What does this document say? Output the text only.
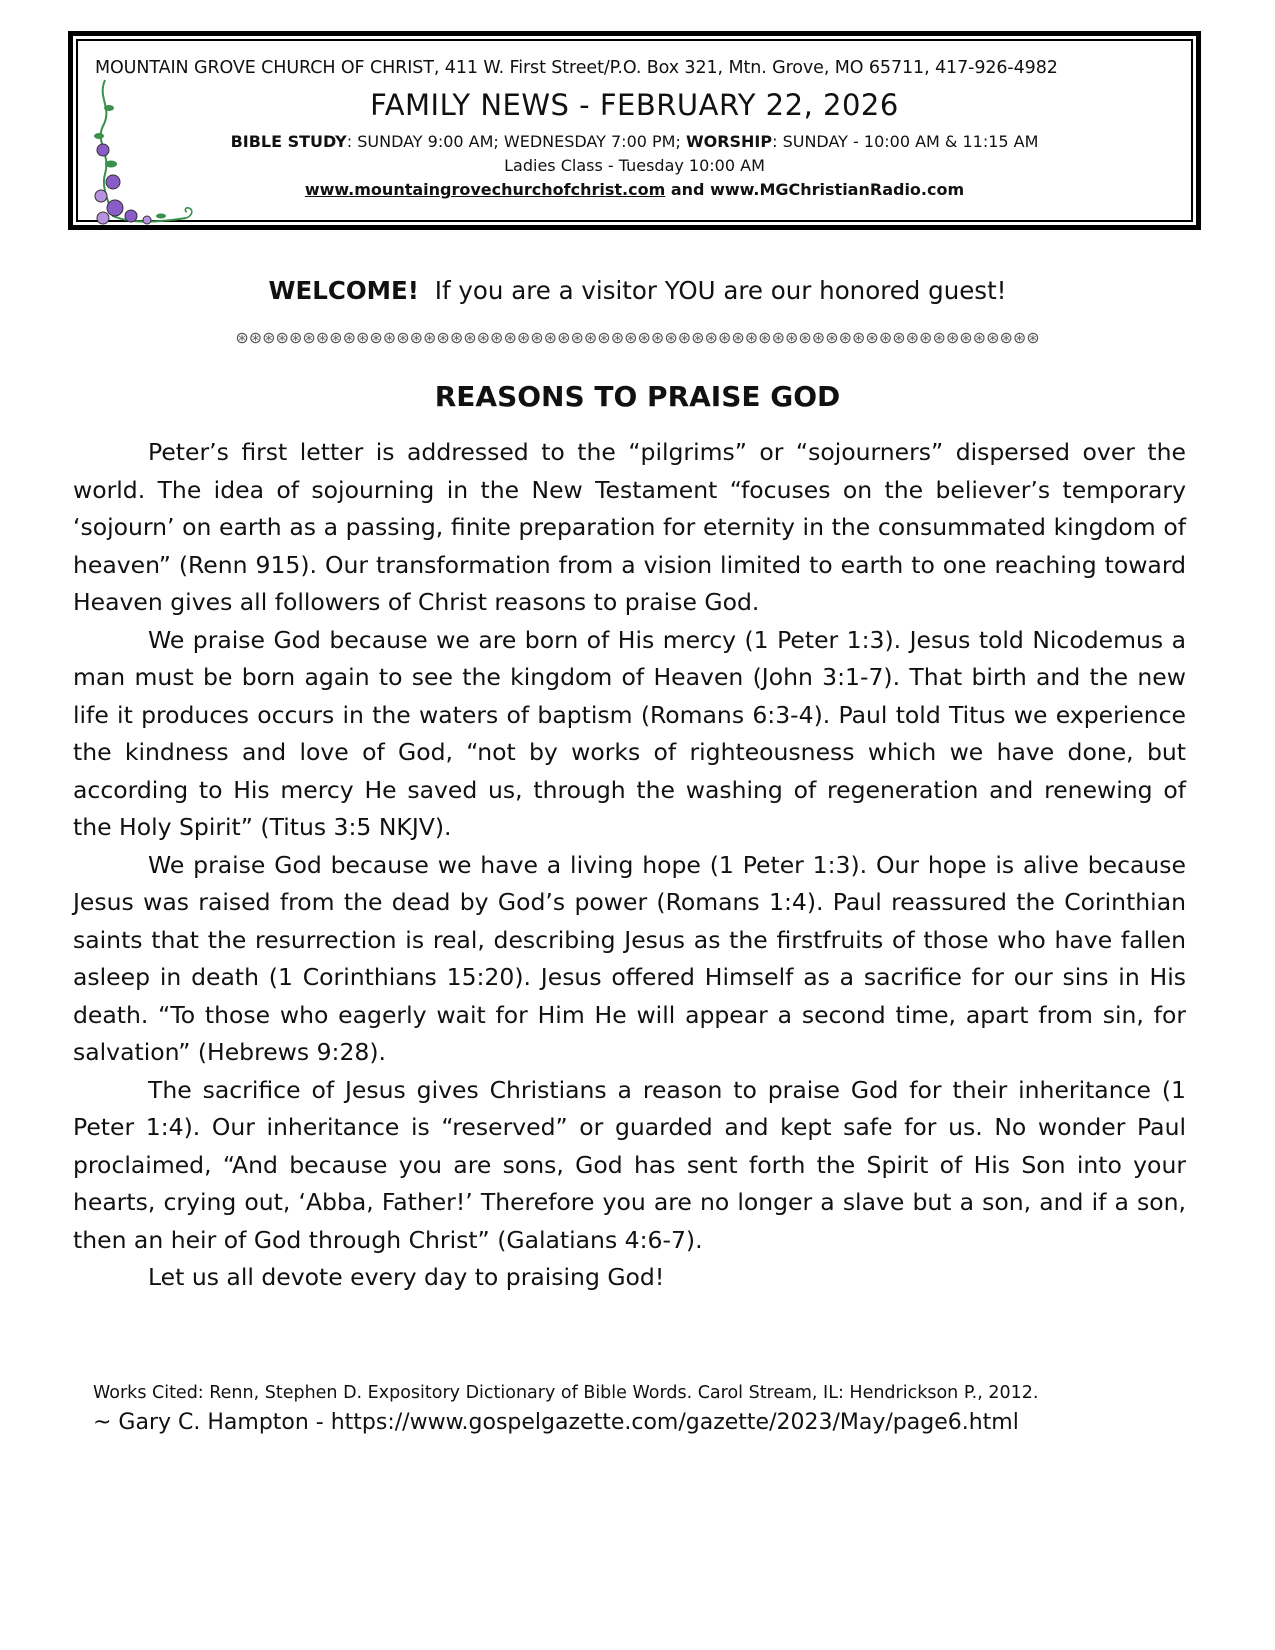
MOUNTAIN GROVE CHURCH OF CHRIST, 411 W. First Street/P.O. Box 321, Mtn. Grove, MO 65711, 417-926-4982
FAMILY NEWS - FEBRUARY 22, 2026
BIBLE STUDY: SUNDAY 9:00 AM; WEDNESDAY 7:00 PM; WORSHIP: SUNDAY - 10:00 AM & 11:15 AM
Ladies Class - Tuesday 10:00 AM
www.mountaingrovechurchofchrist.com and www.MGChristianRadio.com
WELCOME! If you are a visitor YOU are our honored guest!
⊛⊛⊛⊛⊛⊛⊛⊛⊛⊛⊛⊛⊛⊛⊛⊛⊛⊛⊛⊛⊛⊛⊛⊛⊛⊛⊛⊛⊛⊛⊛⊛⊛⊛⊛⊛⊛⊛⊛⊛⊛⊛⊛⊛⊛⊛⊛⊛⊛⊛⊛⊛⊛⊛⊛⊛⊛⊛⊛⊛
REASONS TO PRAISE GOD

Peter’s first letter is addressed to the “pilgrims” or “sojourners” dispersed over the world. The idea of sojourning in the New Testament “focuses on the believer’s temporary ‘sojourn’ on earth as a passing, finite preparation for eternity in the consummated kingdom of heaven” (Renn 915). Our transformation from a vision limited to earth to one reaching toward Heaven gives all followers of Christ reasons to praise God.

We praise God because we are born of His mercy (1 Peter 1:3). Jesus told Nicodemus a man must be born again to see the kingdom of Heaven (John 3:1-7). That birth and the new life it produces occurs in the waters of baptism (Romans 6:3-4). Paul told Titus we experience the kindness and love of God, “not by works of righteousness which we have done, but according to His mercy He saved us, through the washing of regeneration and renewing of the Holy Spirit” (Titus 3:5 NKJV).

We praise God because we have a living hope (1 Peter 1:3). Our hope is alive because Jesus was raised from the dead by God’s power (Romans 1:4). Paul reassured the Corinthian saints that the resurrection is real, describing Jesus as the firstfruits of those who have fallen asleep in death (1 Corinthians 15:20). Jesus offered Himself as a sacrifice for our sins in His death. “To those who eagerly wait for Him He will appear a second time, apart from sin, for salvation” (Hebrews 9:28).

The sacrifice of Jesus gives Christians a reason to praise God for their inheritance (1 Peter 1:4). Our inheritance is “reserved” or guarded and kept safe for us. No wonder Paul proclaimed, “And because you are sons, God has sent forth the Spirit of His Son into your hearts, crying out, ‘Abba, Father!’ Therefore you are no longer a slave but a son, and if a son, then an heir of God through Christ” (Galatians 4:6-7).

Let us all devote every day to praising God!

Works Cited: Renn, Stephen D. Expository Dictionary of Bible Words. Carol Stream, IL: Hendrickson P., 2012.
~ Gary C. Hampton - https://www.gospelgazette.com/gazette/2023/May/page6.html
